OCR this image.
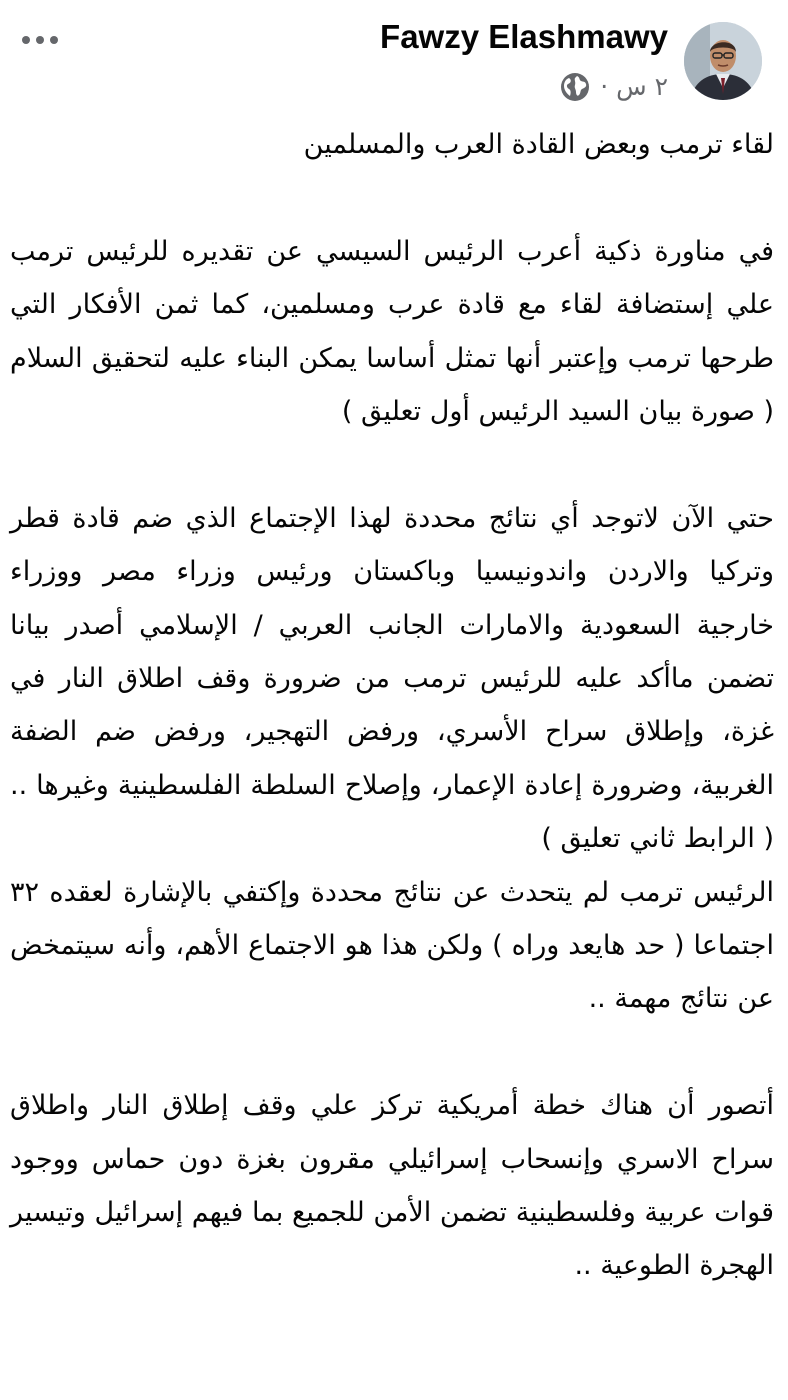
Fawzy Elashmawy
٢ س ·

لقاء ترمب وبعض القادة العرب والمسلمين

في مناورة ذكية أعرب الرئيس السيسي عن تقديره للرئيس ترمب علي إستضافة لقاء مع قادة عرب ومسلمين، كما ثمن الأفكار التي طرحها ترمب وإعتبر أنها تمثل أساسا يمكن البناء عليه لتحقيق السلام ( صورة بيان السيد الرئيس أول تعليق )

حتي الآن لاتوجد أي نتائج محددة لهذا الإجتماع الذي ضم قادة قطر وتركيا والاردن واندونيسيا وباكستان ورئيس وزراء مصر ووزراء خارجية السعودية والامارات الجانب العربي / الإسلامي أصدر بيانا تضمن ماأكد عليه للرئيس ترمب من ضرورة وقف اطلاق النار في غزة، وإطلاق سراح الأسري، ورفض التهجير، ورفض ضم الضفة الغربية، وضرورة إعادة الإعمار، وإصلاح السلطة الفلسطينية وغيرها .. ( الرابط ثاني تعليق )

الرئيس ترمب لم يتحدث عن نتائج محددة وإكتفي بالإشارة لعقده ٣٢ اجتماعا ( حد هايعد وراه ) ولكن هذا هو الاجتماع الأهم، وأنه سيتمخض عن نتائج مهمة ..

أتصور أن هناك خطة أمريكية تركز علي وقف إطلاق النار واطلاق سراح الاسري وإنسحاب إسرائيلي مقرون بغزة دون حماس ووجود قوات عربية وفلسطينية تضمن الأمن للجميع بما فيهم إسرائيل وتيسير الهجرة الطوعية ..
